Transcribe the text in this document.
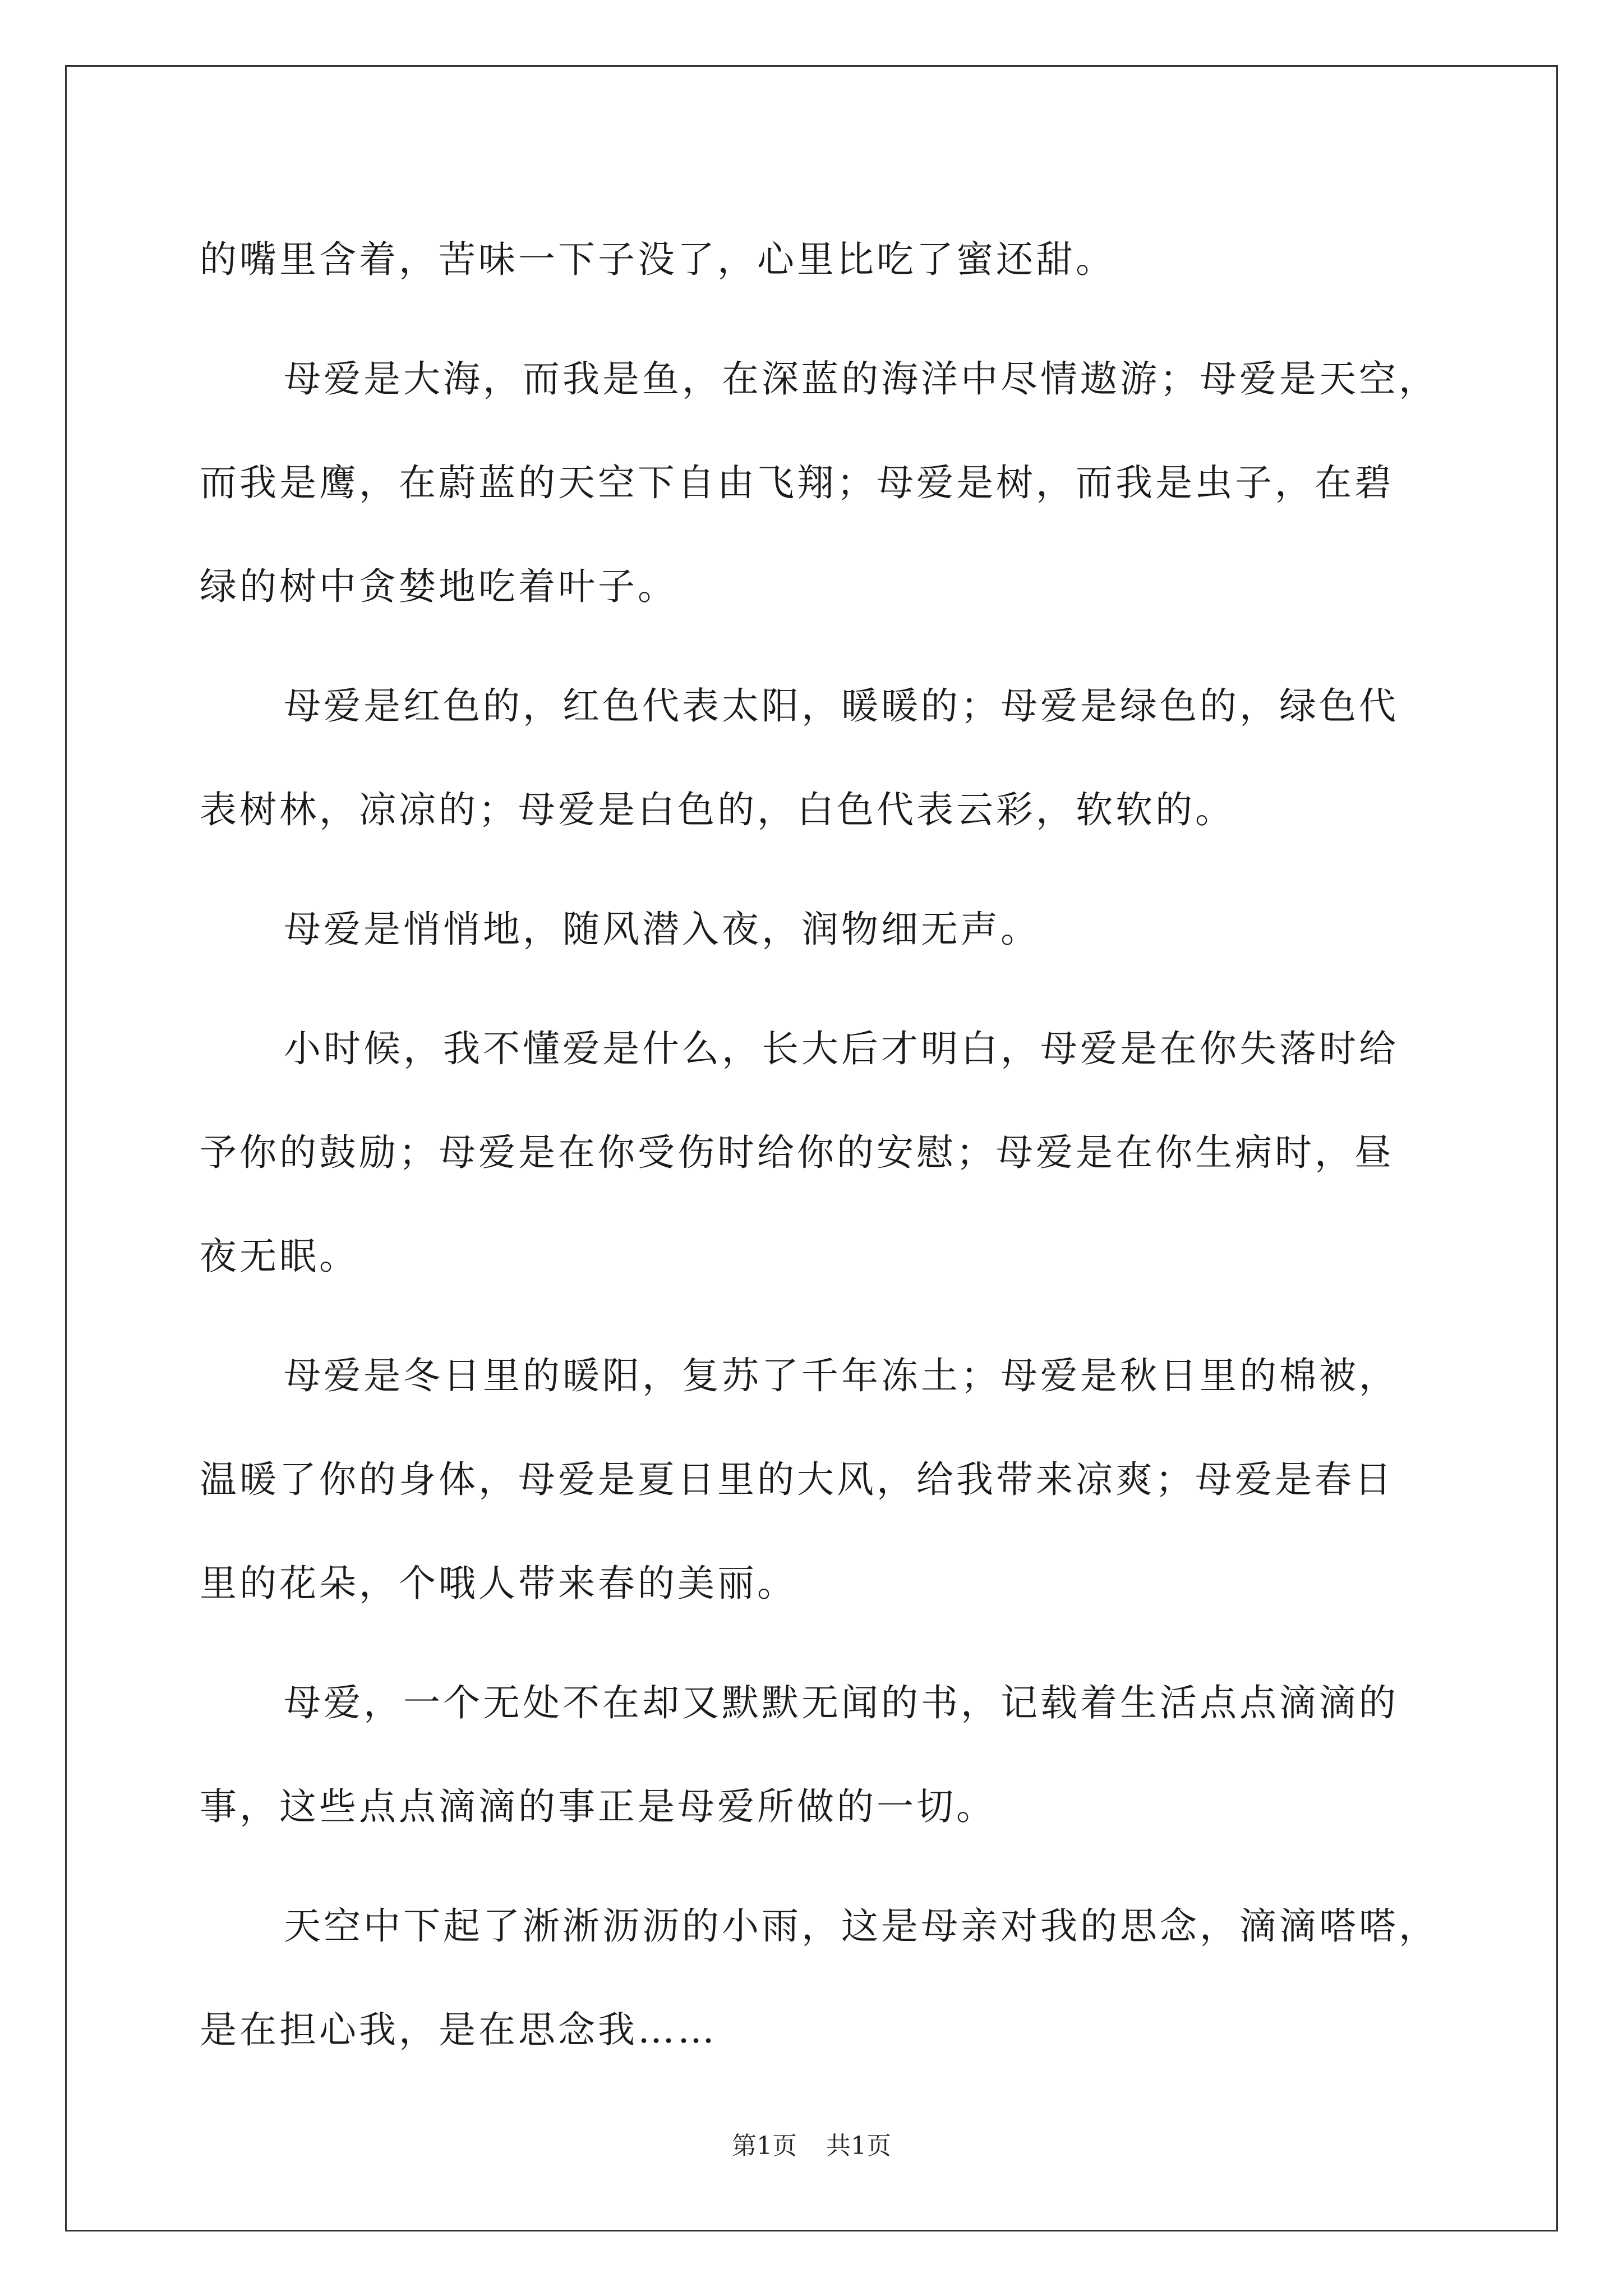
的嘴里含着，苦味一下子没了，心里比吃了蜜还甜。

母爱是大海，而我是鱼，在深蓝的海洋中尽情遨游；母爱是天空，

而我是鹰，在蔚蓝的天空下自由飞翔；母爱是树，而我是虫子，在碧

绿的树中贪婪地吃着叶子。

母爱是红色的，红色代表太阳，暖暖的；母爱是绿色的，绿色代

表树林，凉凉的；母爱是白色的，白色代表云彩，软软的。

母爱是悄悄地，随风潜入夜，润物细无声。

小时候，我不懂爱是什么，长大后才明白，母爱是在你失落时给

予你的鼓励；母爱是在你受伤时给你的安慰；母爱是在你生病时，昼

夜无眠。

母爱是冬日里的暖阳，复苏了千年冻土；母爱是秋日里的棉被，

温暖了你的身体，母爱是夏日里的大风，给我带来凉爽；母爱是春日

里的花朵，个哦人带来春的美丽。

母爱，一个无处不在却又默默无闻的书，记载着生活点点滴滴的

事，这些点点滴滴的事正是母爱所做的一切。

天空中下起了淅淅沥沥的小雨，这是母亲对我的思念，滴滴嗒嗒，

是在担心我，是在思念我……

第1页 共1页
